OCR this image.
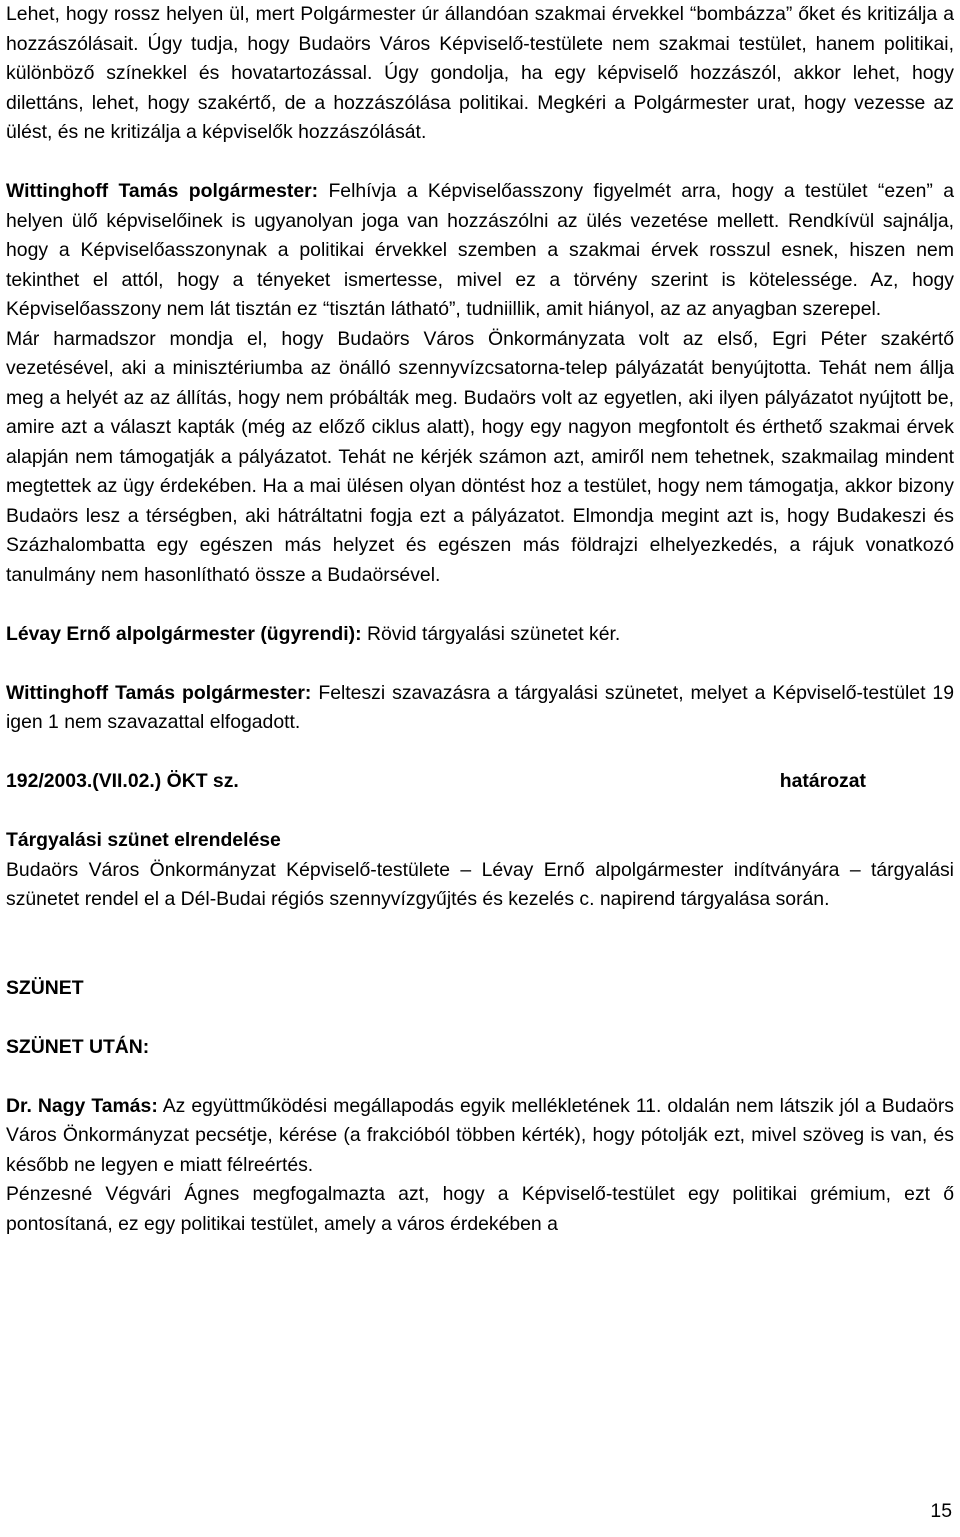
Lehet, hogy rossz helyen ül, mert Polgármester úr állandóan szakmai érvekkel “bombázza” őket és kritizálja a hozzászólásait. Úgy tudja, hogy Budaörs Város Képviselő-testülete nem szakmai testület, hanem politikai, különböző színekkel és hovatartozással. Úgy gondolja, ha egy képviselő hozzászól, akkor lehet, hogy dilettáns, lehet, hogy szakértő, de a hozzászólása politikai. Megkéri a Polgármester urat, hogy vezesse az ülést, és ne kritizálja a képviselők hozzászólását.

Wittinghoff Tamás polgármester: Felhívja a Képviselőasszony figyelmét arra, hogy a testület “ezen” a helyen ülő képviselőinek is ugyanolyan joga van hozzászólni az ülés vezetése mellett. Rendkívül sajnálja, hogy a Képviselőasszonynak a politikai érvekkel szemben a szakmai érvek rosszul esnek, hiszen nem tekinthet el attól, hogy a tényeket ismertesse, mivel ez a törvény szerint is kötelessége. Az, hogy Képviselőasszony nem lát tisztán ez “tisztán látható”, tudniillik, amit hiányol, az az anyagban szerepel.

Már harmadszor mondja el, hogy Budaörs Város Önkormányzata volt az első, Egri Péter szakértő vezetésével, aki a minisztériumba az önálló szennyvízcsatorna-telep pályázatát benyújtotta. Tehát nem állja meg a helyét az az állítás, hogy nem próbálták meg. Budaörs volt az egyetlen, aki ilyen pályázatot nyújtott be, amire azt a választ kapták (még az előző ciklus alatt), hogy egy nagyon megfontolt és érthető szakmai érvek alapján nem támogatják a pályázatot. Tehát ne kérjék számon azt, amiről nem tehetnek, szakmailag mindent megtettek az ügy érdekében. Ha a mai ülésen olyan döntést hoz a testület, hogy nem támogatja, akkor bizony Budaörs lesz a térségben, aki hátráltatni fogja ezt a pályázatot. Elmondja megint azt is, hogy Budakeszi és Százhalombatta egy egészen más helyzet és egészen más földrajzi elhelyezkedés, a rájuk vonatkozó tanulmány nem hasonlítható össze a Budaörsével.

Lévay Ernő alpolgármester (ügyrendi): Rövid tárgyalási szünetet kér.

Wittinghoff Tamás polgármester: Felteszi szavazásra a tárgyalási szünetet, melyet a Képviselő-testület 19 igen 1 nem szavazattal elfogadott.

192/2003.(VII.02.) ÖKT sz.	határozat

Tárgyalási szünet elrendelése

Budaörs Város Önkormányzat Képviselő-testülete – Lévay Ernő alpolgármester indítványára – tárgyalási szünetet rendel el a Dél-Budai régiós szennyvízgyűjtés és kezelés c. napirend tárgyalása során.

SZÜNET

SZÜNET UTÁN:

Dr. Nagy Tamás: Az együttműködési megállapodás egyik mellékletének 11. oldalán nem látszik jól a Budaörs Város Önkormányzat pecsétje, kérése (a frakcióból többen kérték), hogy pótolják ezt, mivel szöveg is van, és később ne legyen e miatt félreértés.

Pénzesné Végvári Ágnes megfogalmazta azt, hogy a Képviselő-testület egy politikai grémium, ezt ő pontosítaná, ez egy politikai testület, amely a város érdekében a

15
